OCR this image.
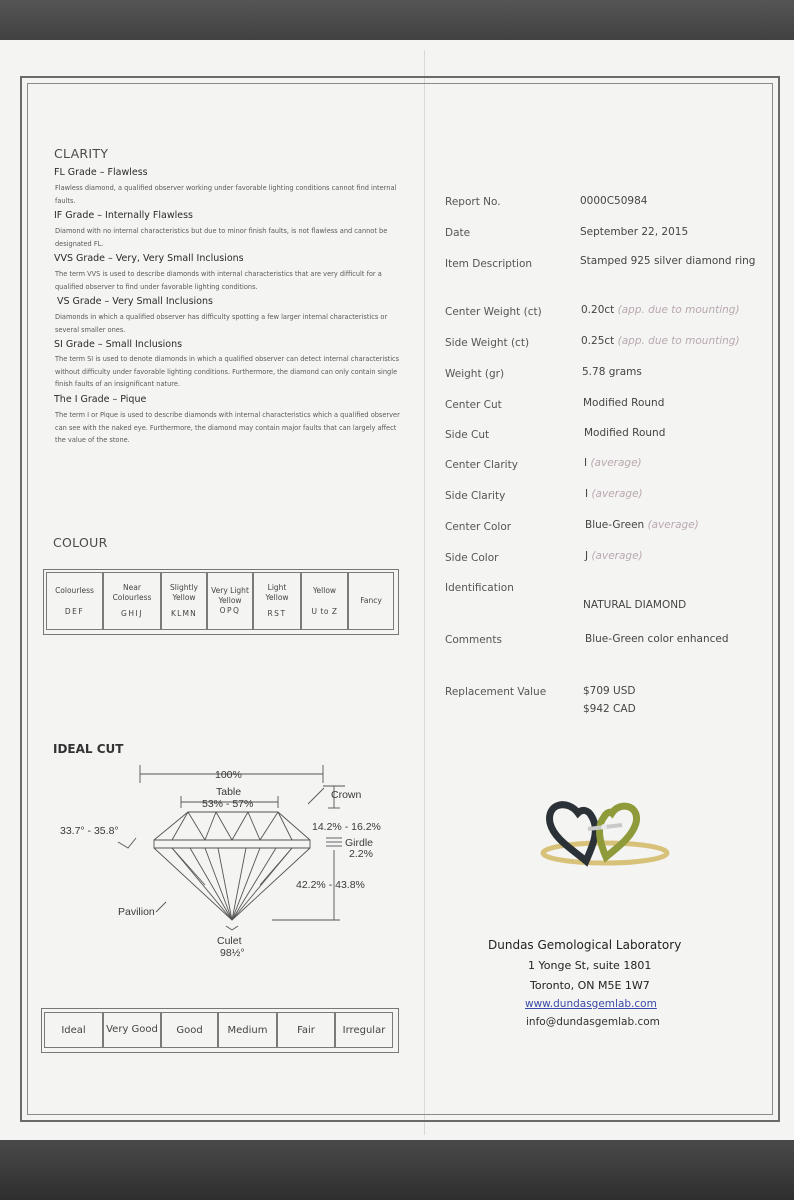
CLARITY
FL Grade – Flawless
Flawless diamond, a qualified observer working under favorable lighting conditions cannot find internal faults.
IF Grade – Internally Flawless
Diamond with no internal characteristics but due to minor finish faults, is not flawless and cannot be designated FL.
VVS Grade – Very, Very Small Inclusions
The term VVS is used to describe diamonds with internal characteristics that are very difficult for a qualified observer to find under favorable lighting conditions.
VS Grade – Very Small Inclusions
Diamonds in which a qualified observer has difficulty spotting a few larger internal characteristics or several smaller ones.
SI Grade – Small Inclusions
The term SI is used to denote diamonds in which a qualified observer can detect internal characteristics without difficulty under favorable lighting conditions. Furthermore, the diamond can only contain single finish faults of an insignificant nature.
The I Grade – Pique
The term I or Pique is used to describe diamonds with internal characteristics which a qualified observer can see with the naked eye. Furthermore, the diamond may contain major faults that can largely affect the value of the stone.
COLOUR
Colourless
DEF

Near Colourless
GHIJ

Slightly Yellow
KLMN

Very Light Yellow
OPQ

Light Yellow
RST

Yellow
U to Z

Fancy
IDEAL CUT
100%
Table
53% - 57%
Crown
33.7° - 35.8°	14.2% - 16.2%
Girdle
2.2%
42.2% - 43.8%
Pavilion
Culet
98½°
Ideal	Very Good	Good	Medium	Fair	Irregular
Report No.	0000C50984
Date	September 22, 2015
Item Description	Stamped 925 silver diamond ring
Center Weight (ct)	0.20ct (app. due to mounting)
Side Weight (ct)	0.25ct (app. due to mounting)
Weight (gr)	5.78 grams
Center Cut	Modified Round
Side Cut	Modified Round
Center Clarity	I (average)
Side Clarity	I (average)
Center Color	Blue-Green (average)
Side Color	J (average)
Identification
NATURAL DIAMOND
Comments	Blue-Green color enhanced
Replacement Value	$709 USD
$942 CAD
Dundas Gemological Laboratory
1 Yonge St, suite 1801
Toronto, ON M5E 1W7
www.dundasgemlab.com
info@dundasgemlab.com
